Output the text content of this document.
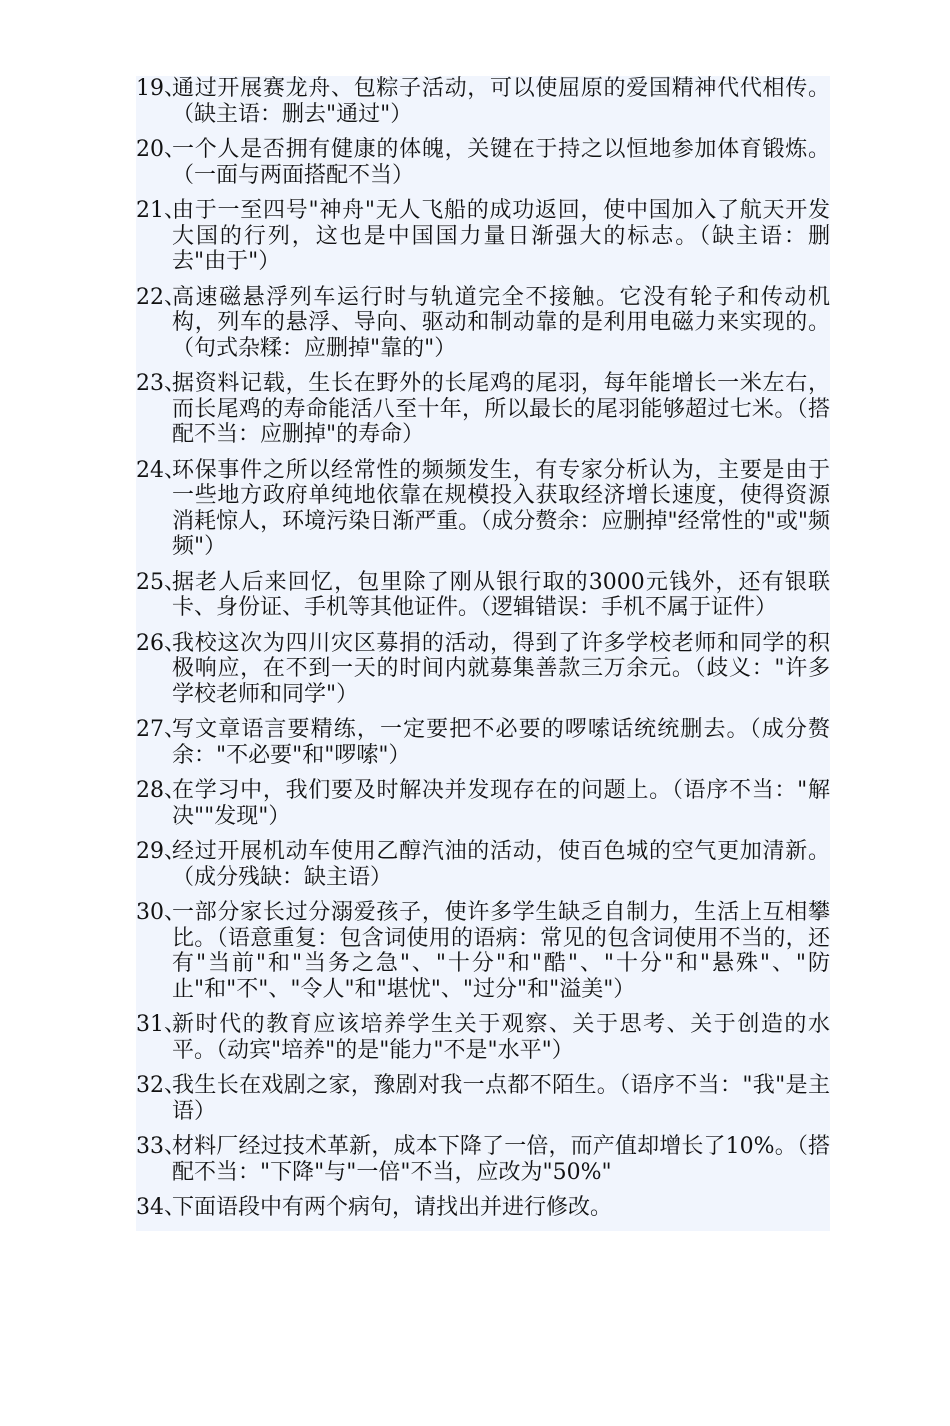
19、
通过开展赛龙舟、包粽子活动，可以使屈原的爱国精神代代相传。（缺主语：删去"通过"）
20、
一个人是否拥有健康的体魄，关键在于持之以恒地参加体育锻炼。（一面与两面搭配不当）
21、
由于一至四号"神舟"无人飞船的成功返回，使中国加入了航天开发大国的行列，这也是中国国力量日渐强大的标志。（缺主语：删去"由于"）
22、
高速磁悬浮列车运行时与轨道完全不接触。它没有轮子和传动机构，列车的悬浮、导向、驱动和制动靠的是利用电磁力来实现的。（句式杂糅：应删掉"靠的"）
23、
据资料记载，生长在野外的长尾鸡的尾羽，每年能增长一米左右，而长尾鸡的寿命能活八至十年，所以最长的尾羽能够超过七米。（搭配不当：应删掉"的寿命）
24、
环保事件之所以经常性的频频发生，有专家分析认为，主要是由于一些地方政府单纯地依靠在规模投入获取经济增长速度，使得资源消耗惊人，环境污染日渐严重。（成分赘余：应删掉"经常性的"或"频频"）
25、
据老人后来回忆，包里除了刚从银行取的3000元钱外，还有银联卡、身份证、手机等其他证件。（逻辑错误：手机不属于证件）
26、
我校这次为四川灾区募捐的活动，得到了许多学校老师和同学的积极响应，在不到一天的时间内就募集善款三万余元。（歧义："许多学校老师和同学"）
27、
写文章语言要精练，一定要把不必要的啰嗦话统统删去。（成分赘余："不必要"和"啰嗦"）
28、
在学习中，我们要及时解决并发现存在的问题上。（语序不当："解决""发现"）
29、
经过开展机动车使用乙醇汽油的活动，使百色城的空气更加清新。（成分残缺：缺主语）
30、
一部分家长过分溺爱孩子，使许多学生缺乏自制力，生活上互相攀比。（语意重复：包含词使用的语病：常见的包含词使用不当的，还有"当前"和"当务之急"、"十分"和"酷"、"十分"和"悬殊"、"防止"和"不"、"令人"和"堪忧"、"过分"和"溢美"）
31、
新时代的教育应该培养学生关于观察、关于思考、关于创造的水平。（动宾"培养"的是"能力"不是"水平"）
32、
我生长在戏剧之家，豫剧对我一点都不陌生。（语序不当："我"是主语）
33、
材料厂经过技术革新，成本下降了一倍，而产值却增长了10%。（搭配不当："下降"与"一倍"不当，应改为"50%"
34、
下面语段中有两个病句，请找出并进行修改。
